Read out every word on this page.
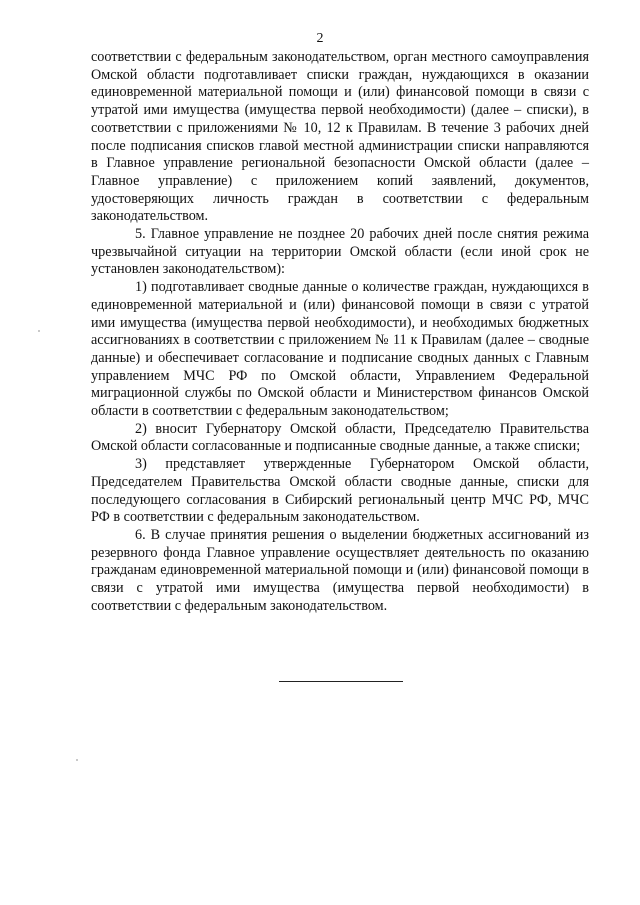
2

соответствии с федеральным законодательством, орган местного самоуправления Омской области подготавливает списки граждан, нуждающихся в оказании единовременной материальной помощи и (или) финансовой помощи в связи с утратой ими имущества (имущества первой необходимости) (далее – списки), в соответствии с приложениями № 10, 12 к Правилам. В течение 3 рабочих дней после подписания списков главой местной администрации списки направляются в Главное управление региональной безопасности Омской области (далее – Главное управление) с приложением копий заявлений, документов, удостоверяющих личность граждан в соответствии с федеральным законодательством.

5. Главное управление не позднее 20 рабочих дней после снятия режима чрезвычайной ситуации на территории Омской области (если иной срок не установлен законодательством):

1) подготавливает сводные данные о количестве граждан, нуждающихся в единовременной материальной и (или) финансовой помощи в связи с утратой ими имущества (имущества первой необходимости), и необходимых бюджетных ассигнованиях в соответствии с приложением № 11 к Правилам (далее – сводные данные) и обеспечивает согласование и подписание сводных данных с Главным управлением МЧС РФ по Омской области, Управлением Федеральной миграционной службы по Омской области и Министерством финансов Омской области в соответствии с федеральным законодательством;

2) вносит Губернатору Омской области, Председателю Правительства Омской области согласованные и подписанные сводные данные, а также списки;

3) представляет утвержденные Губернатором Омской области, Председателем Правительства Омской области сводные данные, списки для последующего согласования в Сибирский региональный центр МЧС РФ, МЧС РФ в соответствии с федеральным законодательством.

6. В случае принятия решения о выделении бюджетных ассигнований из резервного фонда Главное управление осуществляет деятельность по оказанию гражданам единовременной материальной помощи и (или) финансовой помощи в связи с утратой ими имущества (имущества первой необходимости) в соответствии с федеральным законодательством.
